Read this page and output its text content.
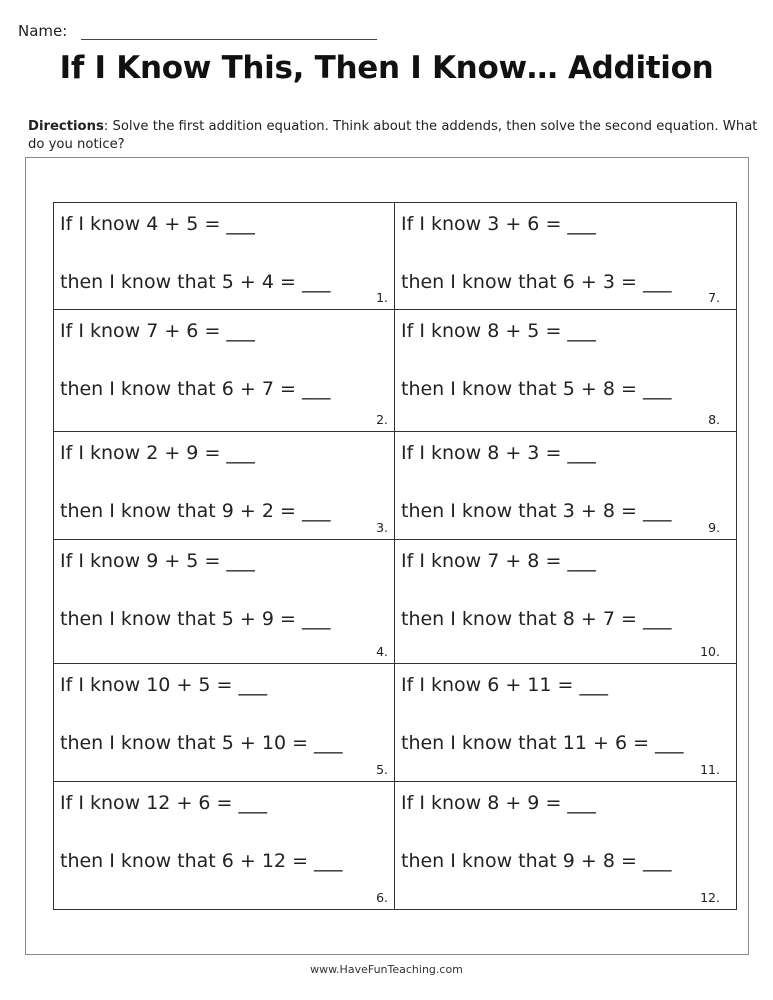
Name:
If I Know This, Then I Know… Addition
Directions: Solve the first addition equation. Think about the addends, then solve the second equation. What do you notice?
If I know 4 + 5 = ___
then I know that 5 + 4 = ___
1.
If I know 3 + 6 = ___
then I know that 6 + 3 = ___
7.
If I know 7 + 6 = ___
then I know that 6 + 7 = ___
2.
If I know 8 + 5 = ___
then I know that 5 + 8 = ___
8.
If I know 2 + 9 = ___
then I know that 9 + 2 = ___
3.
If I know 8 + 3 = ___
then I know that 3 + 8 = ___
9.
If I know 9 + 5 = ___
then I know that 5 + 9 = ___
4.
If I know 7 + 8 = ___
then I know that 8 + 7 = ___
10.
If I know 10 + 5 = ___
then I know that 5 + 10 = ___
5.
If I know 6 + 11 = ___
then I know that 11 + 6 = ___
11.
If I know 12 + 6 = ___
then I know that 6 + 12 = ___
6.
If I know 8 + 9 = ___
then I know that 9 + 8 = ___
12.
www.HaveFunTeaching.com
